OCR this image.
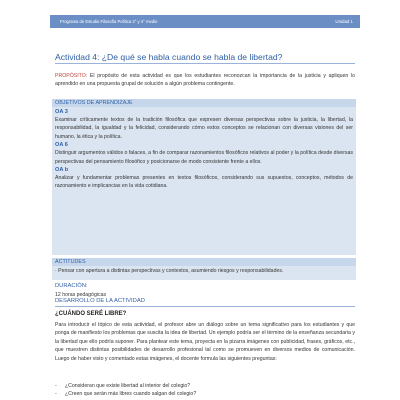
Programa de Estudio Filosofía Política 3° y 4° medio	Unidad 1
Actividad 4: ¿De qué se habla cuando se habla de libertad?
PROPÓSITO: El propósito de esta actividad es que los estudiantes reconozcan la importancia de la justicia y apliquen lo aprendido en una propuesta grupal de solución a algún problema contingente.
OBJETIVOS DE APRENDIZAJE
OA 3
Examinar críticamente textos de la tradición filosófica que expresen diversas perspectivas sobre la justicia, la libertad, la responsabilidad, la igualdad y la felicidad, considerando cómo estos conceptos se relacionan con diversas visiones del ser humano, la ética y la política.
OA 6
Distinguir argumentos válidos o falaces, a fin de comparar razonamientos filosóficos relativos al poder y la política desde diversas perspectivas del pensamiento filosófico y posicionarse de modo consistente frente a ellos.
OA b
Analizar y fundamentar problemas presentes en textos filosóficos, considerando sus supuestos, conceptos, métodos de razonamiento e implicancias en la vida cotidiana.
ACTITUDES
· Pensar con apertura a distintas perspectivas y contextos, asumiendo riesgos y responsabilidades.
DURACIÓN:
12 horas pedagógicas
DESARROLLO DE LA ACTIVIDAD
¿CUÁNDO SERÉ LIBRE?
Para introducir el tópico de esta actividad, el profesor abre un diálogo sobre un tema significativo para los estudiantes y que ponga de manifiesto los problemas que suscita la idea de libertad. Un ejemplo podría ser el término de la enseñanza secundaria y la libertad que ello podría suponer. Para plantear este tema, proyecta en la pizarra imágenes con publicidad, frases, gráficos, etc., que muestren distintas posibilidades de desarrollo profesional tal como se promueven en diversos medios de comunicación. Luego de haber visto y comentado estas imágenes, el docente formula las siguientes preguntas:
-	¿Consideran que existe libertad al interior del colegio?
-	¿Creen que serán más libres cuando salgan del colegio?
